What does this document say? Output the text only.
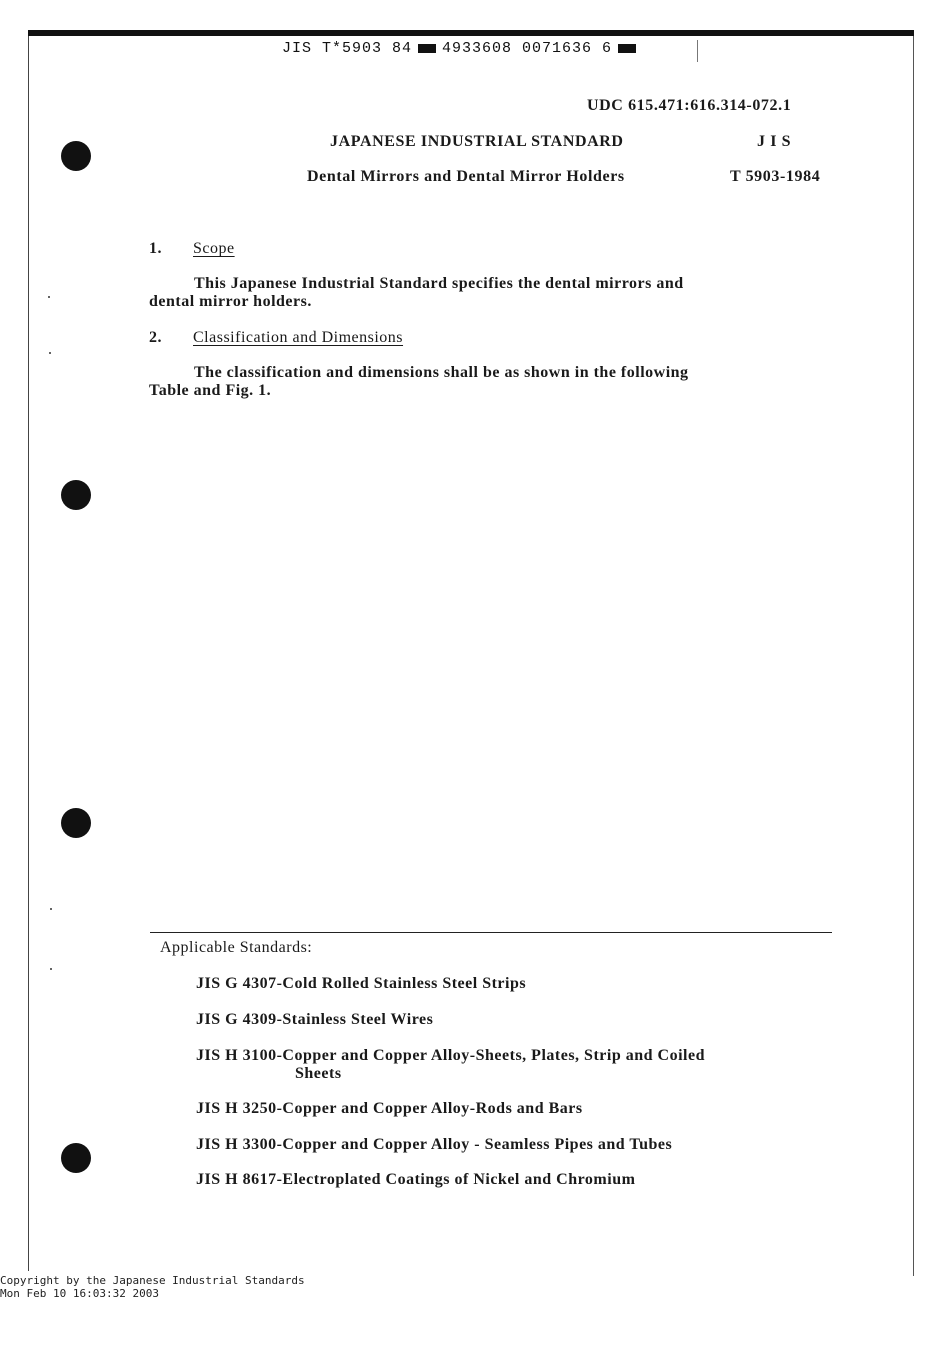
JIS T*5903 84 4933608 0071636 6
UDC 615.471:616.314-072.1
JAPANESE INDUSTRIAL STANDARD	J I S
Dental Mirrors and Dental Mirror Holders	T 5903-1984
1. Scope
This Japanese Industrial Standard specifies the dental mirrors and
dental mirror holders.
2. Classification and Dimensions
The classification and dimensions shall be as shown in the following
Table and Fig. 1.
Applicable Standards:
JIS G 4307-Cold Rolled Stainless Steel Strips
JIS G 4309-Stainless Steel Wires
JIS H 3100-Copper and Copper Alloy-Sheets, Plates, Strip and Coiled
Sheets
JIS H 3250-Copper and Copper Alloy-Rods and Bars
JIS H 3300-Copper and Copper Alloy - Seamless Pipes and Tubes
JIS H 8617-Electroplated Coatings of Nickel and Chromium
Copyright by the Japanese Industrial Standards
Mon Feb 10 16:03:32 2003
